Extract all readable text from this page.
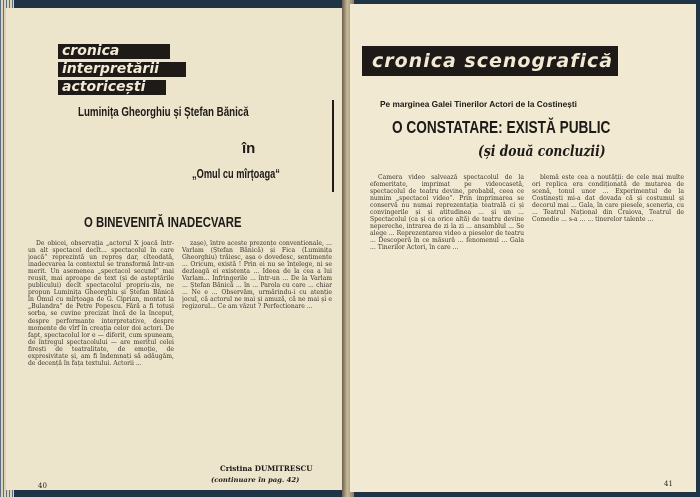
cronica
interpretării
actoricești
Luminița Gheorghiu și Ștefan Bănică
în
„Omul cu mîrțoaga“
O BINEVENITĂ INADECVARE

De obicei, observația „actorul X joacă într-un alt spectacol decît... spectacolul în care joacă“ reprezintă un reproș dar, cîteodată, inadecvarea la contextul se transformă într-un merit. Un asemenea „spectacol secund“ mai reușit, mai aproape de text (și de așteptările publicului) decît spectacolul propriu-zis, ne propun Luminița Gheorghiu și Ștefan Bănică în Omul cu mîrțoaga de G. Ciprian, montat la „Bulandra“ de Petre Popescu. Fără a fi totuși sorba, se cuvine precizat încă de la început, despre performanțe interpretative, despre momente de vîrf în creația celor doi actori. De fapt, spectacolul lor e — diferit, cum spuneam, de întregul spectacolului — are meritul celei firești de teatralitate, de emoție, de expresivitate și, am fi îndemnați să adăugăm, de decență în fața textului. Actorii ...

zașe), între aceste prezențe conventionale, ... Varlam (Ștefan Bănică) și Fica (Luminița Gheorghiu) trăiesc, așa o dovedesc, sentimente ... Oricum, există ! Prin ei nu se înțelege, ni se dezleagă ei existența ... Ideea de la cea a lui Varlam... Infringerile ... într-un ... De la Varlam ... Ștefan Bănică ... în ... Parola cu care ... chiar ... Ne e ... Observăm, urmărindu-i cu atenție jocul, că actorul ne mai și amuză, că ne mai și e regizorul... Ce am văzut ? Perfectionare ...

Cristina DUMITRESCU
(continuare în pag. 42)
40
cronica scenografică
Pe marginea Galei Tinerilor Actori de la Costinești
O CONSTATARE: EXISTĂ PUBLIC
(și două concluzii)

Camera video salvează spectacolul de la efemeritate, imprimat pe videocasetă, spectacolul de teatru devine, probabil, ceea ce numim „spectacol video“. Prin imprimarea se conservă nu numai reprezentația teatrală ci și convingerile și și atitudinea ... și un ... Spectacolul (ca și ca orice altă) de teatru devine nepereche, intrarea de zi la zi ... ansamblul ... Se alege ... Reprezentarea video a pieselor de teatru ... Descoperă în ce măsură ... fenomenul ... Gala ... Tinerilor Actori, în care ...

blemă este cea a noutății: de cele mai multe ori replica era condiționată de mutarea de scenă, tonul unor ... Experimentul de la Costinești mi-a dat dovada că și costumul și decorul mai ... Gala, în care piesele, sceneria, cu ... Teatrul Național din Craiova, Teatrul de Comedie ... s-a ... ... tinerelor talente ...

41
